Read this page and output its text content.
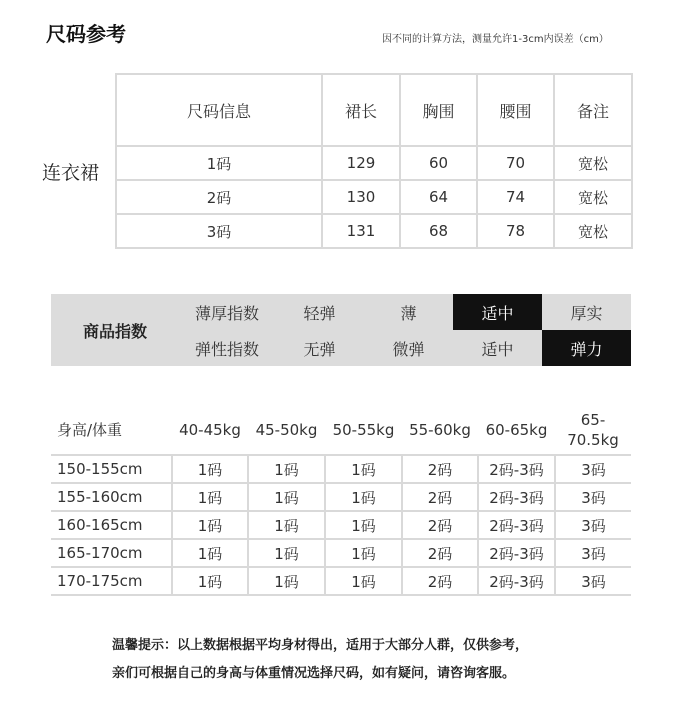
尺码参考	因不同的计算方法，测量允许1-3cm内误差（cm）
连衣裙
尺码信息	裙长	胸围	腰围	备注
1码	129	60	70	宽松
2码	130	64	74	宽松
3码	131	68	78	宽松
商品指数
薄厚指数	轻弹	薄	适中	厚实
弹性指数	无弹	微弹	适中	弹力
身高/体重	40-45kg	45-50kg	50-55kg	55-60kg	60-65kg	65-70.5kg
150-155cm	1码	1码	1码	2码	2码-3码	3码
155-160cm	1码	1码	1码	2码	2码-3码	3码
160-165cm	1码	1码	1码	2码	2码-3码	3码
165-170cm	1码	1码	1码	2码	2码-3码	3码
170-175cm	1码	1码	1码	2码	2码-3码	3码
温馨提示：以上数据根据平均身材得出，适用于大部分人群，仅供参考，
亲们可根据自己的身高与体重情况选择尺码，如有疑问，请咨询客服。
